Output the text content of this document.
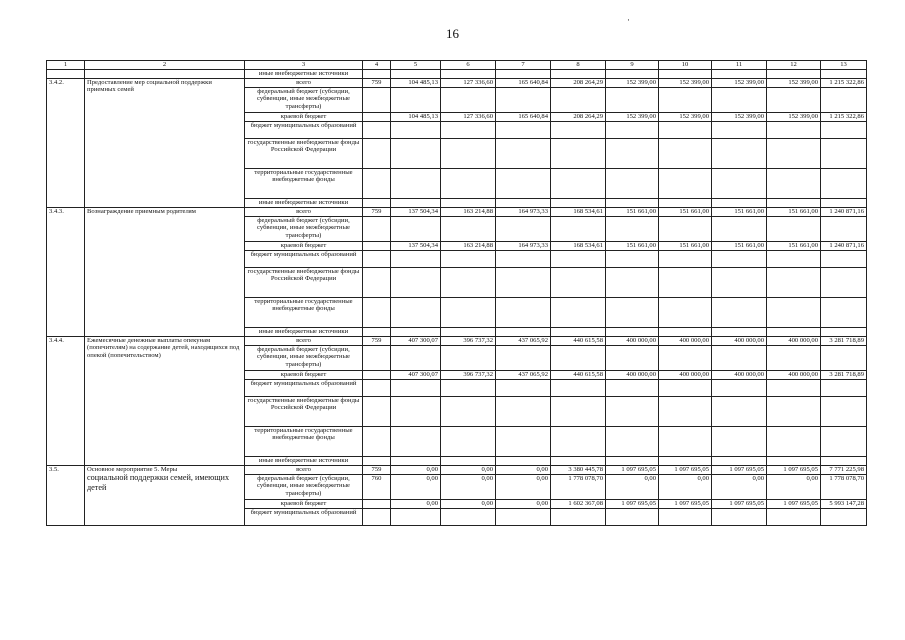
16
·
1	2	3	4	5	6	7	8	9	10	11	12	13
		иные внебюджетные источники										
3.4.2.	Предоставление мер социальной поддержки приемных семей	всего	759	104 485,13	127 336,60	165 640,84	208 264,29	152 399,00	152 399,00	152 399,00	152 399,00	1 215 322,86
		федеральный бюджет (субсидии, субвенции, иные межбюджетные трансферты)										
		краевой бюджет		104 485,13	127 336,60	165 640,84	208 264,29	152 399,00	152 399,00	152 399,00	152 399,00	1 215 322,86
		бюджет муниципальных образований										
		государственные внебюджетные фонды Российской Федерации										
		территориальные государственные внебюджетные фонды										
		иные внебюджетные источники										
3.4.3.	Вознаграждение приемным родителям	всего	759	137 504,34	163 214,88	164 973,33	168 534,61	151 661,00	151 661,00	151 661,00	151 661,00	1 240 871,16
		федеральный бюджет (субсидии, субвенции, иные межбюджетные трансферты)										
		краевой бюджет		137 504,34	163 214,88	164 973,33	168 534,61	151 661,00	151 661,00	151 661,00	151 661,00	1 240 871,16
		бюджет муниципальных образований										
		государственные внебюджетные фонды Российской Федерации										
		территориальные государственные внебюджетные фонды										
		иные внебюджетные источники										
3.4.4.	Ежемесячные денежные выплаты опекунам (попечителям) на содержание детей, находящихся под опекой (попечительством)	всего	759	407 300,07	396 737,32	437 065,92	440 615,58	400 000,00	400 000,00	400 000,00	400 000,00	3 281 718,89
		федеральный бюджет (субсидии, субвенции, иные межбюджетные трансферты)										
		краевой бюджет		407 300,07	396 737,32	437 065,92	440 615,58	400 000,00	400 000,00	400 000,00	400 000,00	3 281 718,89
		бюджет муниципальных образований										
		государственные внебюджетные фонды Российской Федерации										
		территориальные государственные внебюджетные фонды										
		иные внебюджетные источники										
3.5.	Основное мероприятие 5. Меры
социальной поддержки семей, имеющих детей	всего	759	0,00	0,00	0,00	3 380 445,78	1 097 695,05	1 097 695,05	1 097 695,05	1 097 695,05	7 771 225,98
		федеральный бюджет (субсидии, субвенции, иные межбюджетные трансферты)	760	0,00	0,00	0,00	1 778 078,70	0,00	0,00	0,00	0,00	1 778 078,70
		краевой бюджет		0,00	0,00	0,00	1 602 367,08	1 097 695,05	1 097 695,05	1 097 695,05	1 097 695,05	5 993 147,28
		бюджет муниципальных образований										
